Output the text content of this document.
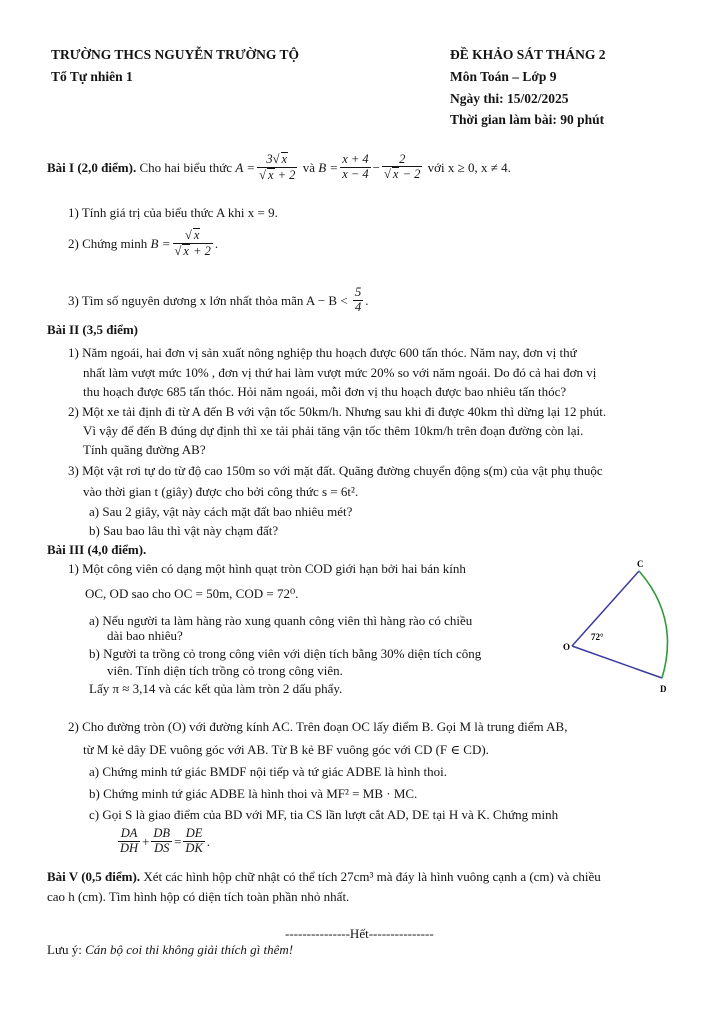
TRƯỜNG THCS NGUYỄN TRƯỜNG TỘ
Tổ Tự nhiên 1
ĐỀ KHẢO SÁT THÁNG 2
Môn Toán – Lớp 9
Ngày thi: 15/02/2025
Thời gian làm bài: 90 phút
Bài I (2,0 điểm).
Cho hai biểu thức
$A = \frac{3√ x}{√ x + 2}$
và
$B = \frac{x + 4}{x - 4} - \frac{2}{√ x - 2}$
với x ≥ 0, x ≠ 4.
1) Tính giá trị của biểu thức A khi x = 9.
2) Chứng minh
$B = \frac{√ x}{√ x + 2}$ .
3) Tìm số nguyên dương x lớn nhất thỏa mãn A − B <
$\frac{5}{4}$ .
Bài II (3,5 điểm)
1) Năm ngoái, hai đơn vị sản xuất nông nghiệp thu hoạch được 600 tấn thóc. Năm nay, đơn vị thứ
nhất làm vượt mức 10% , đơn vị thứ hai làm vượt mức 20% so với năm ngoái. Do đó cả hai đơn vị
thu hoạch được 685 tấn thóc. Hỏi năm ngoái, mỗi đơn vị thu hoạch được bao nhiêu tấn thóc?
2) Một xe tải định đi từ A đến B với vận tốc 50km/h. Nhưng sau khi đi được 40km thì dừng lại 12 phút.
Vì vậy để đến B đúng dự định thì xe tải phải tăng vận tốc thêm 10km/h trên đoạn đường còn lại.
Tính quãng đường AB?
3) Một vật rơi tự do từ độ cao 150m so với mặt đất. Quãng đường chuyển động s(m) của vật phụ thuộc
vào thời gian t (giây) được cho bởi công thức s = 6t².
a) Sau 2 giây, vật này cách mặt đất bao nhiêu mét?
b) Sau bao lâu thì vật này chạm đất?
Bài III (4,0 điểm).
1) Một công viên có dạng một hình quạt tròn COD giới hạn bởi hai bán kính
OC, OD sao cho OC = 50m, COD = 72⁰.
a) Nếu người ta làm hàng rào xung quanh công viên thì hàng rào có chiều
dài bao nhiêu?
b) Người ta trồng cỏ trong công viên với diện tích bằng 30% diện tích công
viên. Tính diện tích trồng cỏ trong công viên.
Lấy π ≈ 3,14 và các kết qủa làm tròn 2 dấu phẩy.
C
O
D
72°
2) Cho đường tròn (O) với đường kính AC. Trên đoạn OC lấy điểm B. Gọi M là trung điểm AB,
từ M kẻ dây DE vuông góc với AB. Từ B kẻ BF vuông góc với CD (F ∈ CD).
a) Chứng minh tứ giác BMDF nội tiếp và tứ giác ADBE là hình thoi.
b) Chứng minh tứ giác ADBE là hình thoi và MF² = MB · MC.
c) Gọi S là giao điểm của BD với MF, tia CS lần lượt cắt AD, DE tại H và K. Chứng minh
$\frac{DA}{DH} + \frac{DB}{DS} = \frac{DE}{DK}$ .
Bài V (0,5 điểm). Xét các hình hộp chữ nhật có thể tích 27cm³ mà đáy là hình vuông cạnh a (cm) và chiều
cao h (cm). Tìm hình hộp có diện tích toàn phần nhỏ nhất.
---------------Hết---------------
Lưu ý: Cán bộ coi thi không giải thích gì thêm!
